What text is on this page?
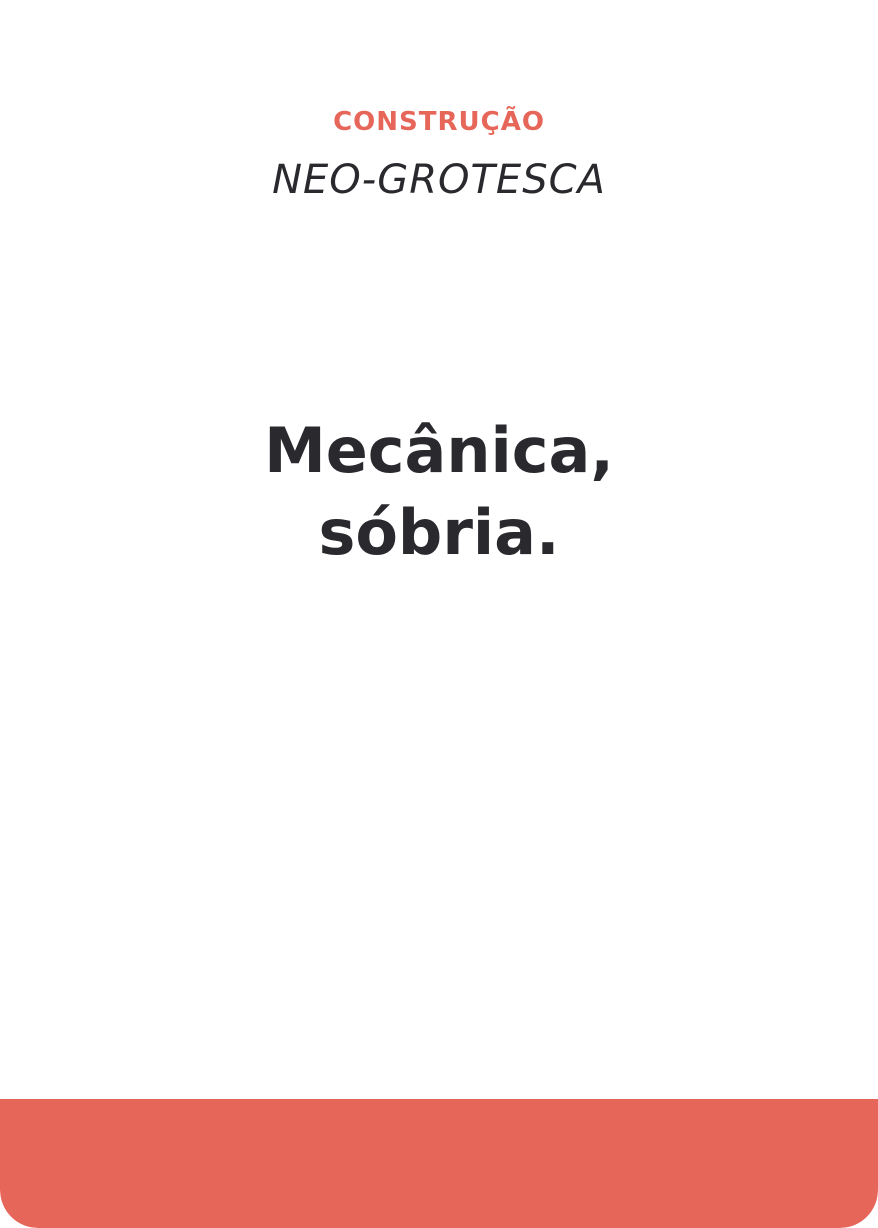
CONSTRUÇÃO
NEO-GROTESCA
Mecânica,
sóbria.
